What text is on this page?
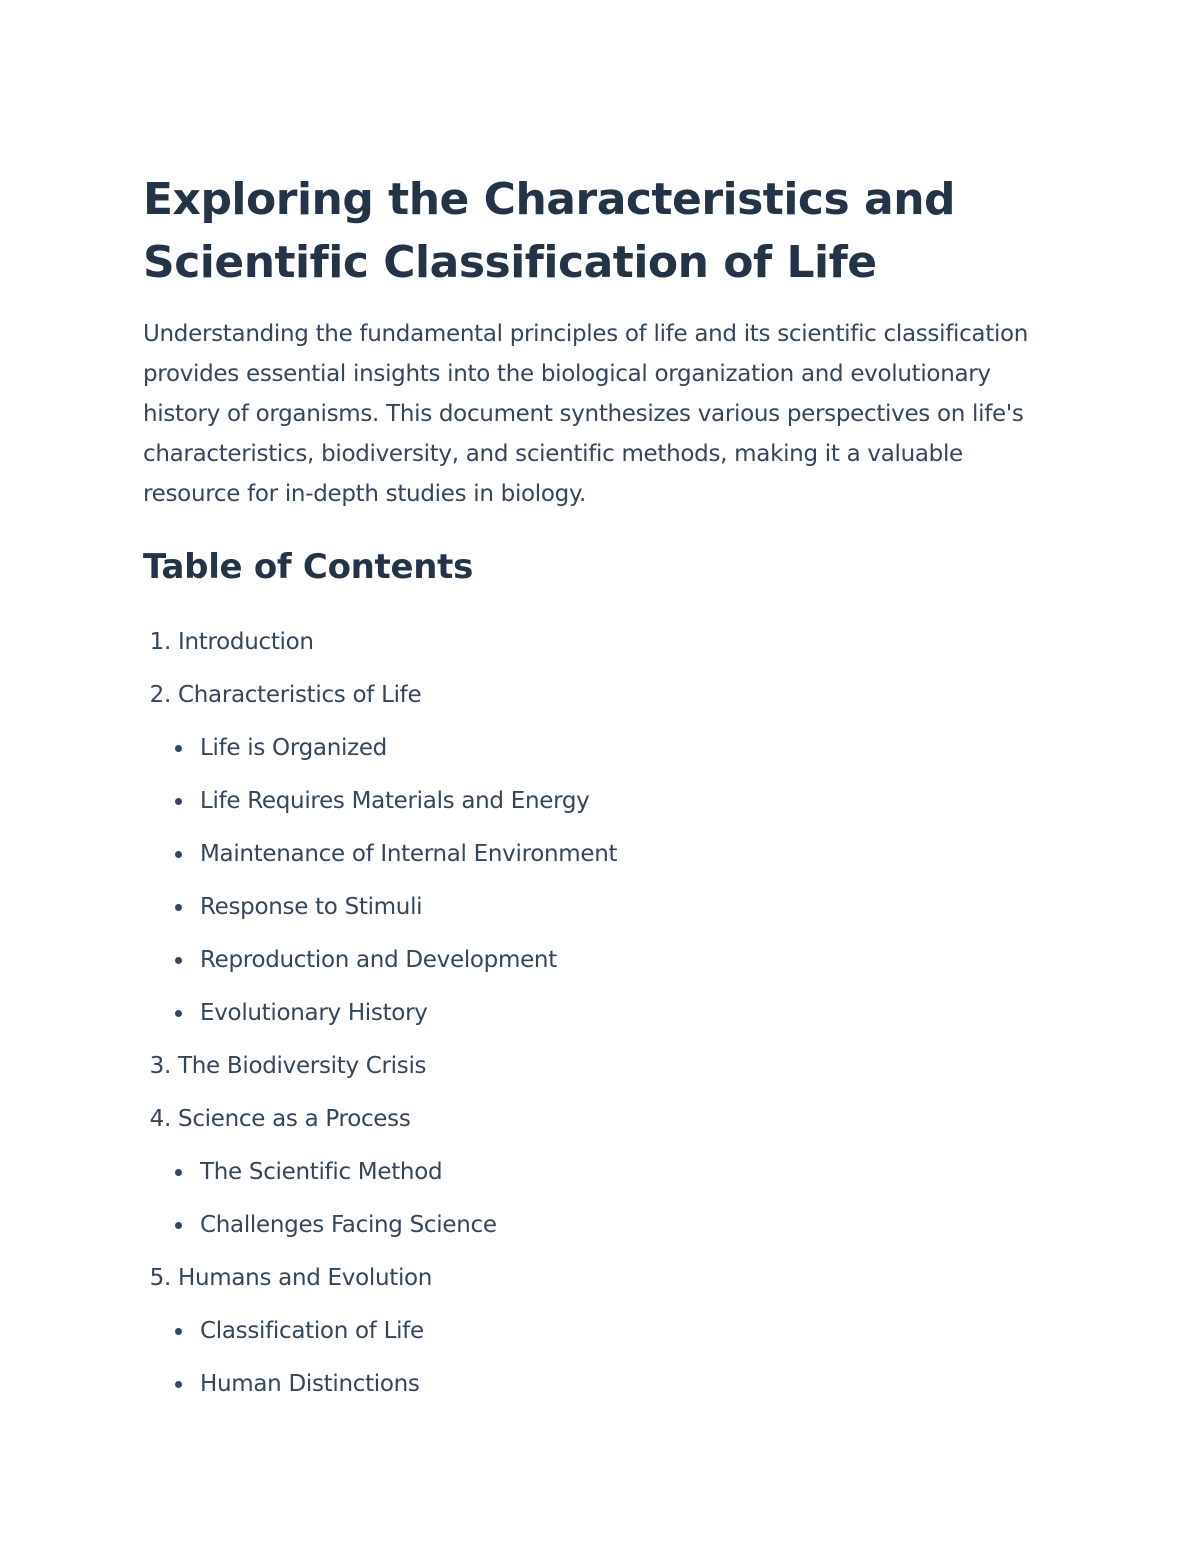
Exploring the Characteristics and Scientific Classification of Life

Understanding the fundamental principles of life and its scientific classification provides essential insights into the biological organization and evolutionary history of organisms. This document synthesizes various perspectives on life's characteristics, biodiversity, and scientific methods, making it a valuable resource for in-depth studies in biology.

Table of Contents
1. Introduction
2. Characteristics of Life
Life is Organized
Life Requires Materials and Energy
Maintenance of Internal Environment
Response to Stimuli
Reproduction and Development
Evolutionary History
3. The Biodiversity Crisis
4. Science as a Process
The Scientific Method
Challenges Facing Science
5. Humans and Evolution
Classification of Life
Human Distinctions
